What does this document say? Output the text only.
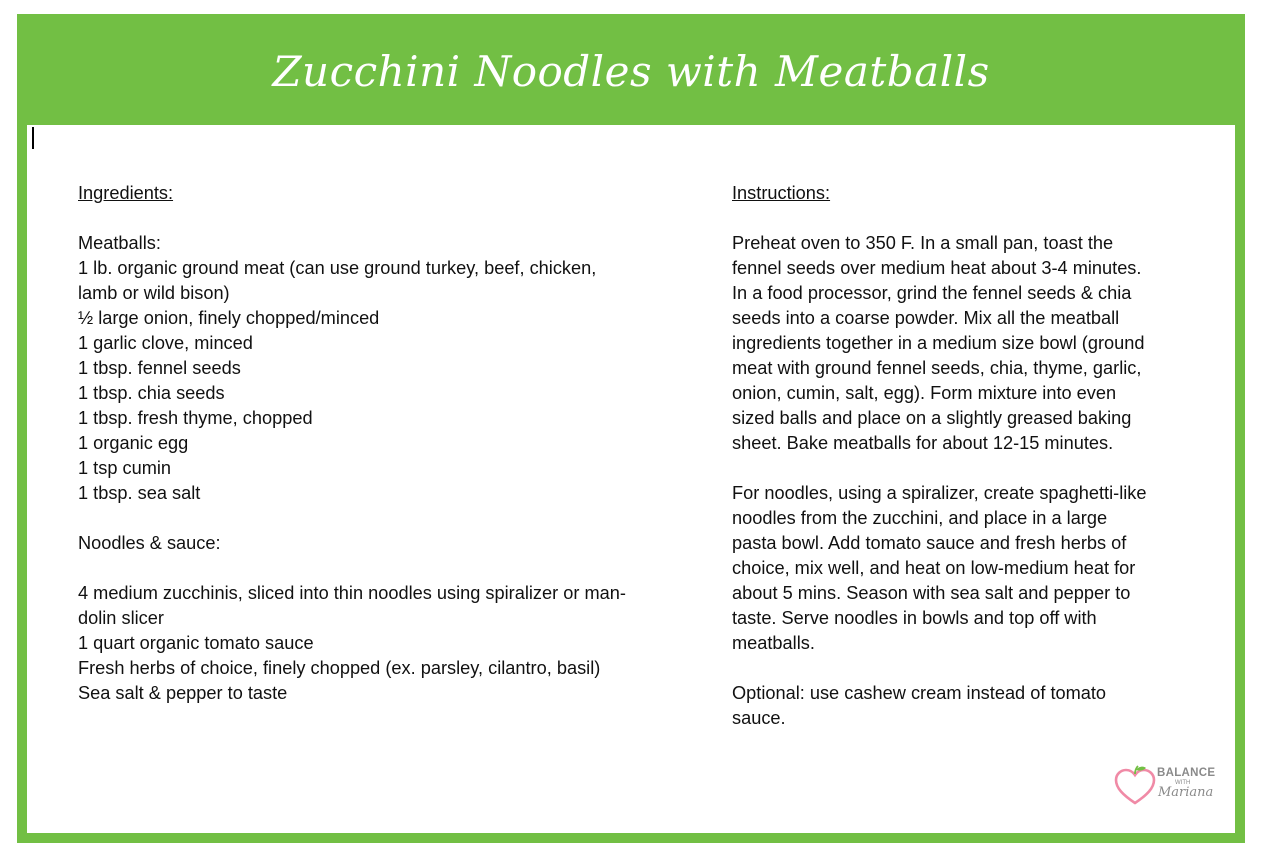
Zucchini Noodles with Meatballs
Ingredients:
Meatballs:
1 lb. organic ground meat (can use ground turkey, beef, chicken,
lamb or wild bison)
½ large onion, finely chopped/minced
1 garlic clove, minced
1 tbsp. fennel seeds
1 tbsp. chia seeds
1 tbsp. fresh thyme, chopped
1 organic egg
1 tsp cumin
1 tbsp. sea salt
Noodles & sauce:
4 medium zucchinis, sliced into thin noodles using spiralizer or man-
dolin slicer
1 quart organic tomato sauce
Fresh herbs of choice, finely chopped (ex. parsley, cilantro, basil)
Sea salt & pepper to taste
Instructions:
Preheat oven to 350 F. In a small pan, toast the
fennel seeds over medium heat about 3-4 minutes.
In a food processor, grind the fennel seeds & chia
seeds into a coarse powder. Mix all the meatball
ingredients together in a medium size bowl (ground
meat with ground fennel seeds, chia, thyme, garlic,
onion, cumin, salt, egg). Form mixture into even
sized balls and place on a slightly greased baking
sheet. Bake meatballs for about 12-15 minutes.
For noodles, using a spiralizer, create spaghetti-like
noodles from the zucchini, and place in a large
pasta bowl. Add tomato sauce and fresh herbs of
choice, mix well, and heat on low-medium heat for
about 5 mins. Season with sea salt and pepper to
taste. Serve noodles in bowls and top off with
meatballs.
Optional: use cashew cream instead of tomato
sauce.
BALANCE
WITH
Mariana
